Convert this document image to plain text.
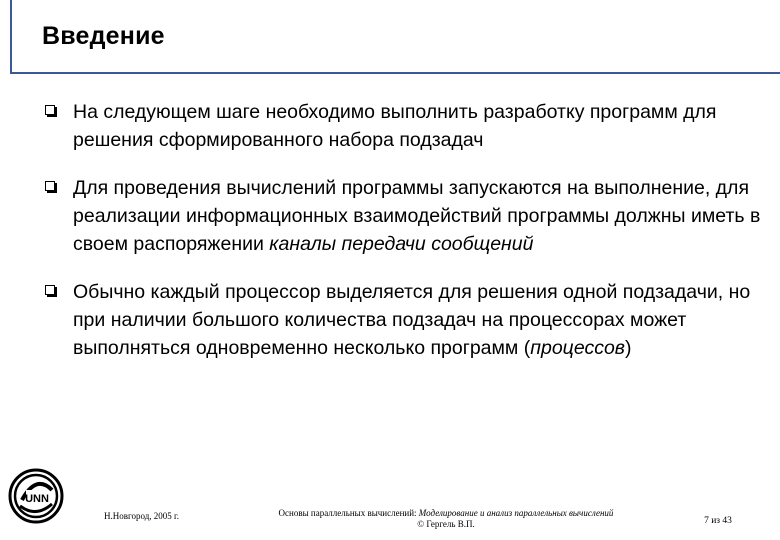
Введение
На следующем шаге необходимо выполнить разработку программ для решения сформированного набора подзадач
Для проведения вычислений программы запускаются на выполнение, для реализации информационных взаимодействий программы должны иметь в своем распоряжении каналы передачи сообщений
Обычно каждый процессор выделяется для решения одной подзадачи, но при наличии большого количества подзадач на процессорах может выполняться одновременно несколько программ (процессов)
UNN
Н.Новгород, 2005 г.	Основы параллельных вычислений: Моделирование и анализ параллельных вычислений
© Гергель В.П.	7 из 43
